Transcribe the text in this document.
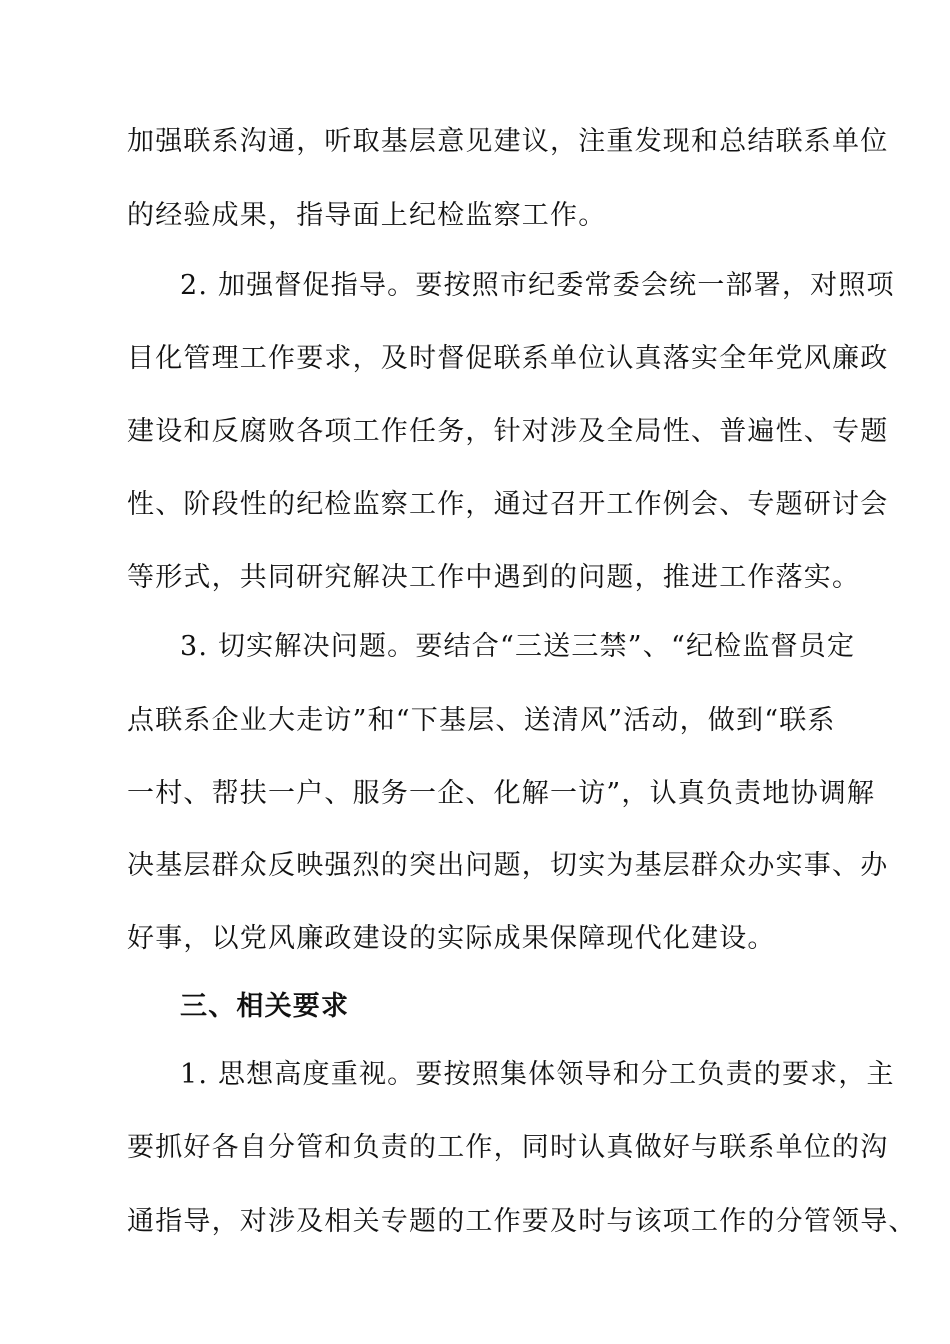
加强联系沟通，听取基层意见建议，注重发现和总结联系单位
的经验成果，指导面上纪检监察工作。
2. 加强督促指导。要按照市纪委常委会统一部署，对照项
目化管理工作要求，及时督促联系单位认真落实全年党风廉政
建设和反腐败各项工作任务，针对涉及全局性、普遍性、专题
性、阶段性的纪检监察工作，通过召开工作例会、专题研讨会
等形式，共同研究解决工作中遇到的问题，推进工作落实。
3. 切实解决问题。要结合“三送三禁”、“纪检监督员定
点联系企业大走访”和“下基层、送清风”活动，做到“联系
一村、帮扶一户、服务一企、化解一访”，认真负责地协调解
决基层群众反映强烈的突出问题，切实为基层群众办实事、办
好事，以党风廉政建设的实际成果保障现代化建设。
三、相关要求
1. 思想高度重视。要按照集体领导和分工负责的要求，主
要抓好各自分管和负责的工作，同时认真做好与联系单位的沟
通指导，对涉及相关专题的工作要及时与该项工作的分管领导、
